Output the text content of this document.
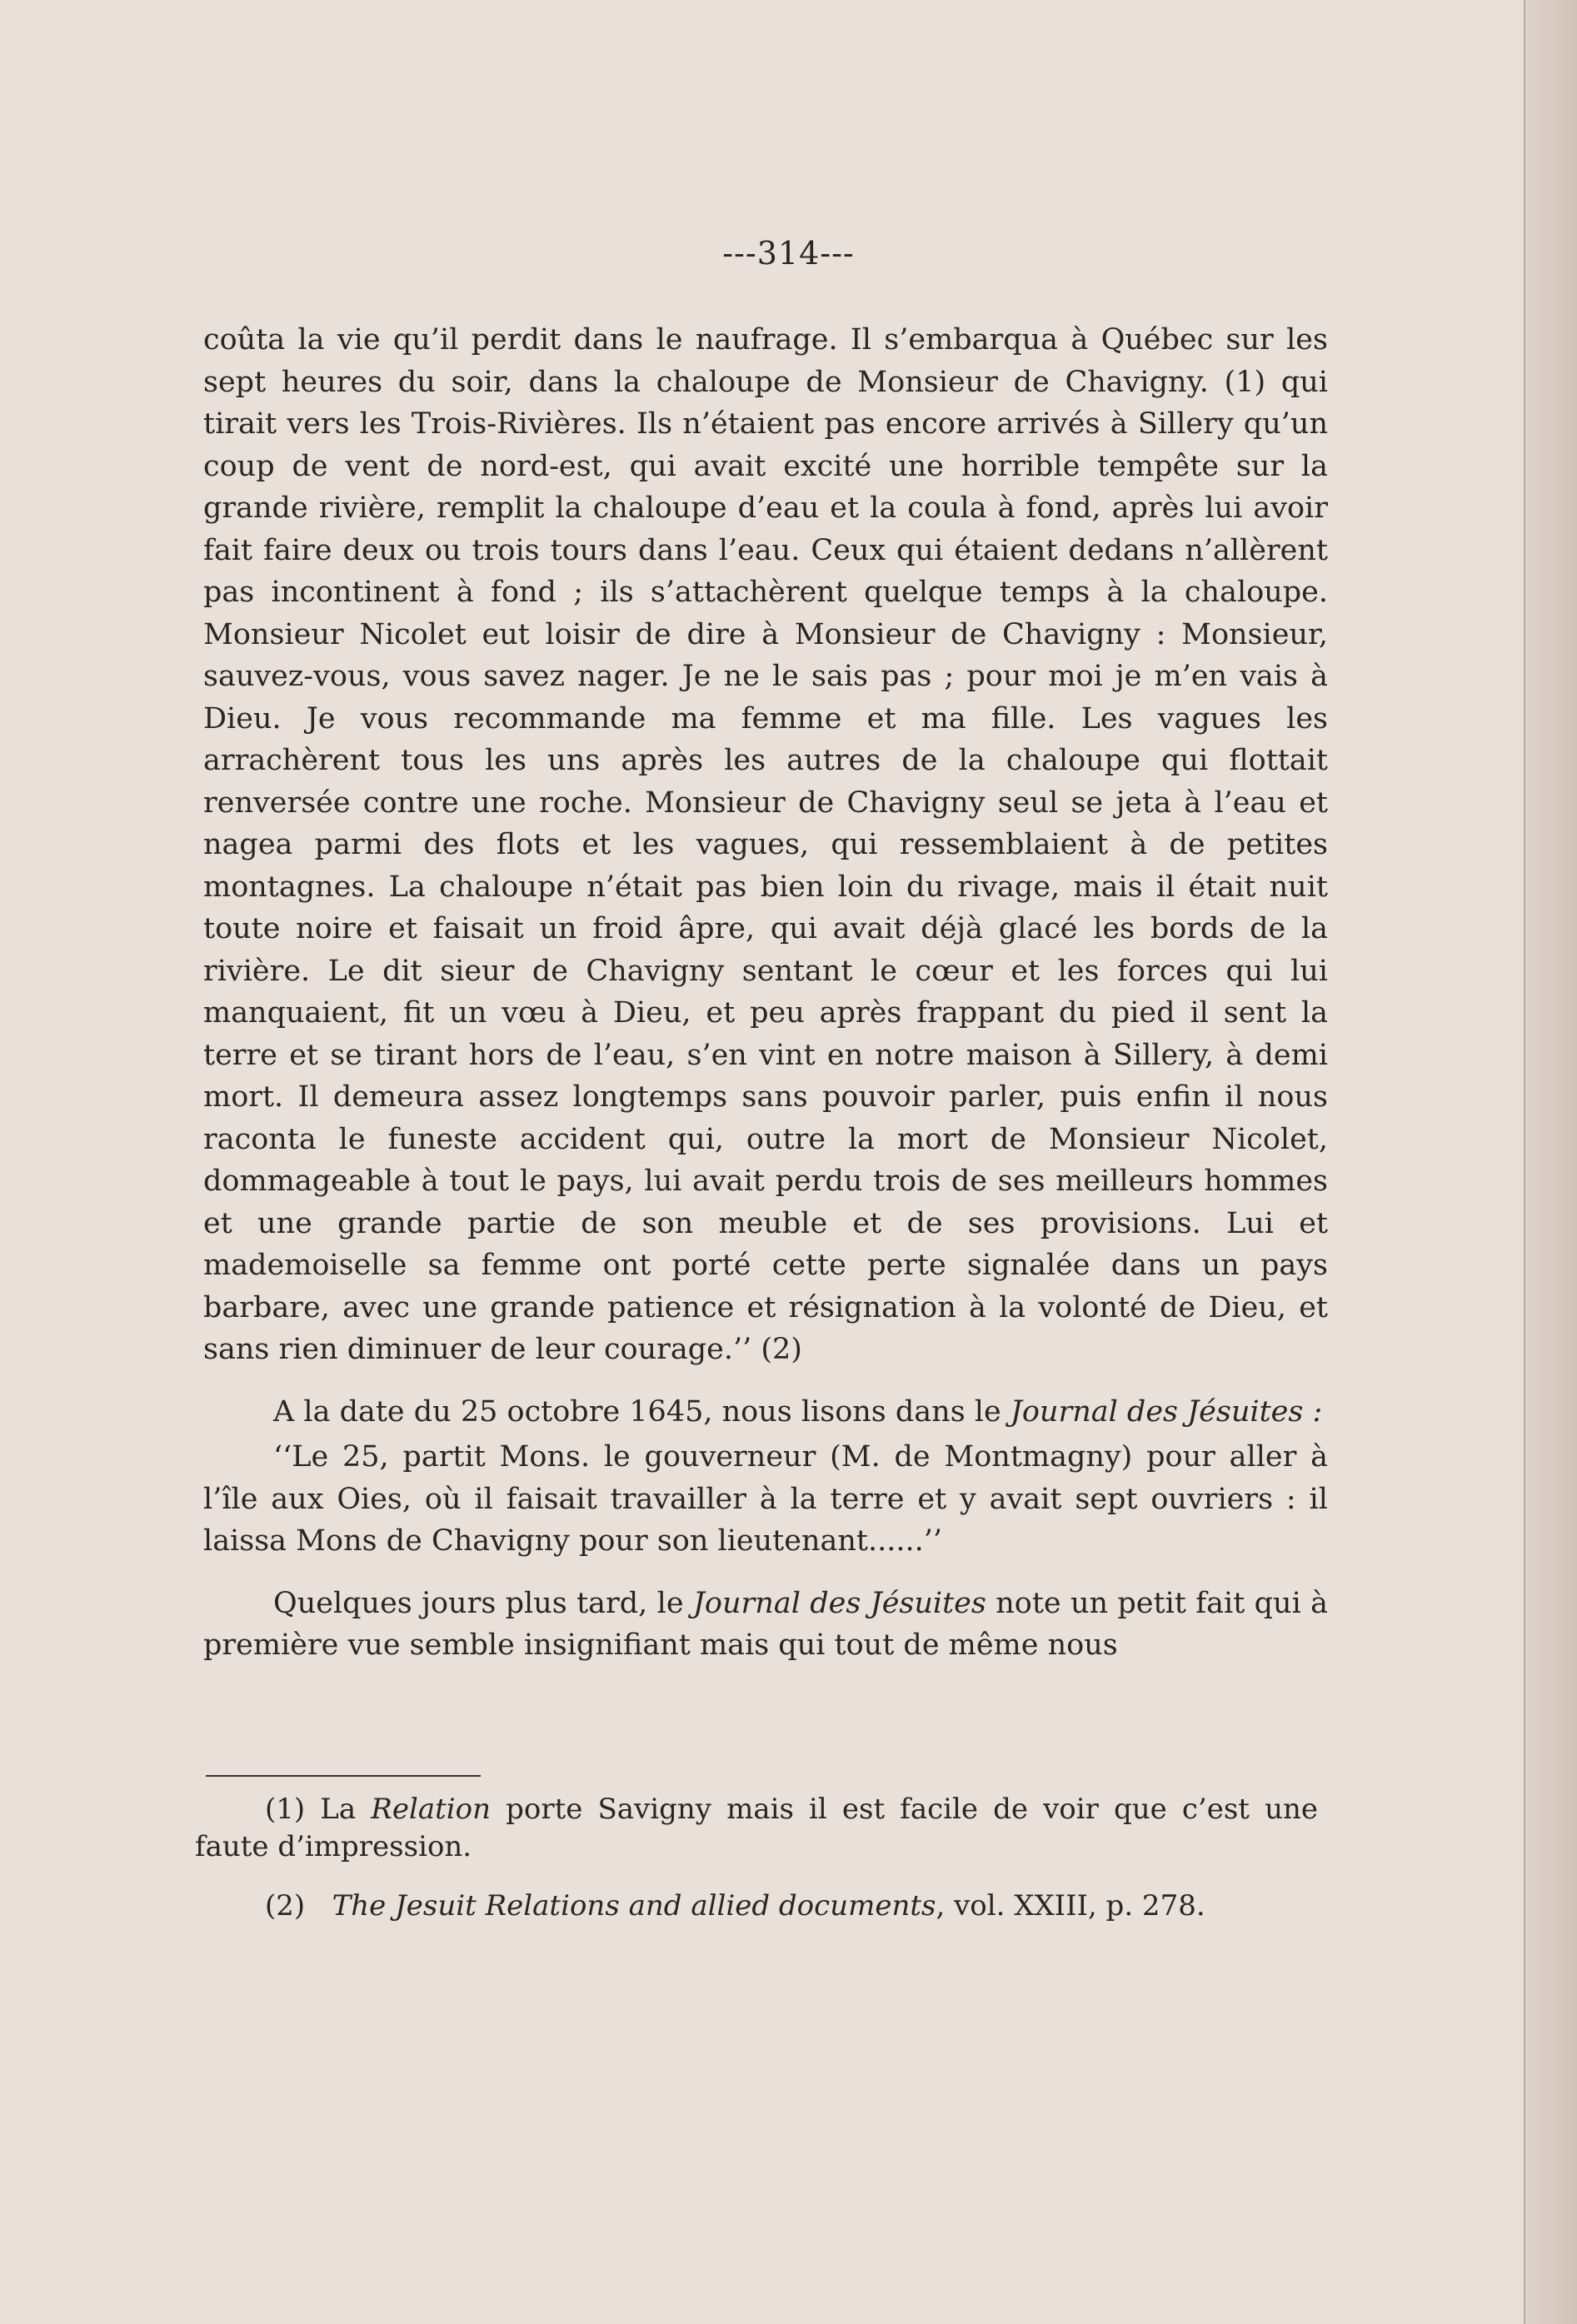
---314---

coûta la vie qu’il perdit dans le naufrage. Il s’embarqua à Québec sur les sept heures du soir, dans la chaloupe de Monsieur de Chavigny. (1) qui tirait vers les Trois-Rivières. Ils n’étaient pas encore arrivés à Sillery qu’un coup de vent de nord-est, qui avait excité une horrible tempête sur la grande rivière, remplit la chaloupe d’eau et la coula à fond, après lui avoir fait faire deux ou trois tours dans l’eau. Ceux qui étaient dedans n’allèrent pas incontinent à fond ; ils s’attachèrent quelque temps à la chaloupe. Monsieur Nicolet eut loisir de dire à Monsieur de Chavigny : Monsieur, sauvez-vous, vous savez nager. Je ne le sais pas ; pour moi je m’en vais à Dieu. Je vous recommande ma femme et ma fille. Les vagues les arrachèrent tous les uns après les autres de la chaloupe qui flottait renversée contre une roche. Monsieur de Chavigny seul se jeta à l’eau et nagea parmi des flots et les vagues, qui ressemblaient à de petites montagnes. La chaloupe n’était pas bien loin du rivage, mais il était nuit toute noire et faisait un froid âpre, qui avait déjà glacé les bords de la rivière. Le dit sieur de Chavigny sentant le cœur et les forces qui lui manquaient, fit un vœu à Dieu, et peu après frappant du pied il sent la terre et se tirant hors de l’eau, s’en vint en notre maison à Sillery, à demi mort. Il demeura assez longtemps sans pouvoir parler, puis enfin il nous raconta le funeste accident qui, outre la mort de Monsieur Nicolet, dommageable à tout le pays, lui avait perdu trois de ses meilleurs hommes et une grande partie de son meuble et de ses provisions. Lui et mademoiselle sa femme ont porté cette perte signalée dans un pays barbare, avec une grande patience et résignation à la volonté de Dieu, et sans rien diminuer de leur courage.’’ (2)

A la date du 25 octobre 1645, nous lisons dans le Journal des Jésuites :

‘‘Le 25, partit Mons. le gouverneur (M. de Montmagny) pour aller à l’île aux Oies, où il faisait travailler à la terre et y avait sept ouvriers : il laissa Mons de Chavigny pour son lieutenant......’’

Quelques jours plus tard, le Journal des Jésuites note un petit fait qui à première vue semble insignifiant mais qui tout de même nous

(1) La Relation porte Savigny mais il est facile de voir que c’est une faute d’impression.

(2) The Jesuit Relations and allied documents, vol. XXIII, p. 278.
